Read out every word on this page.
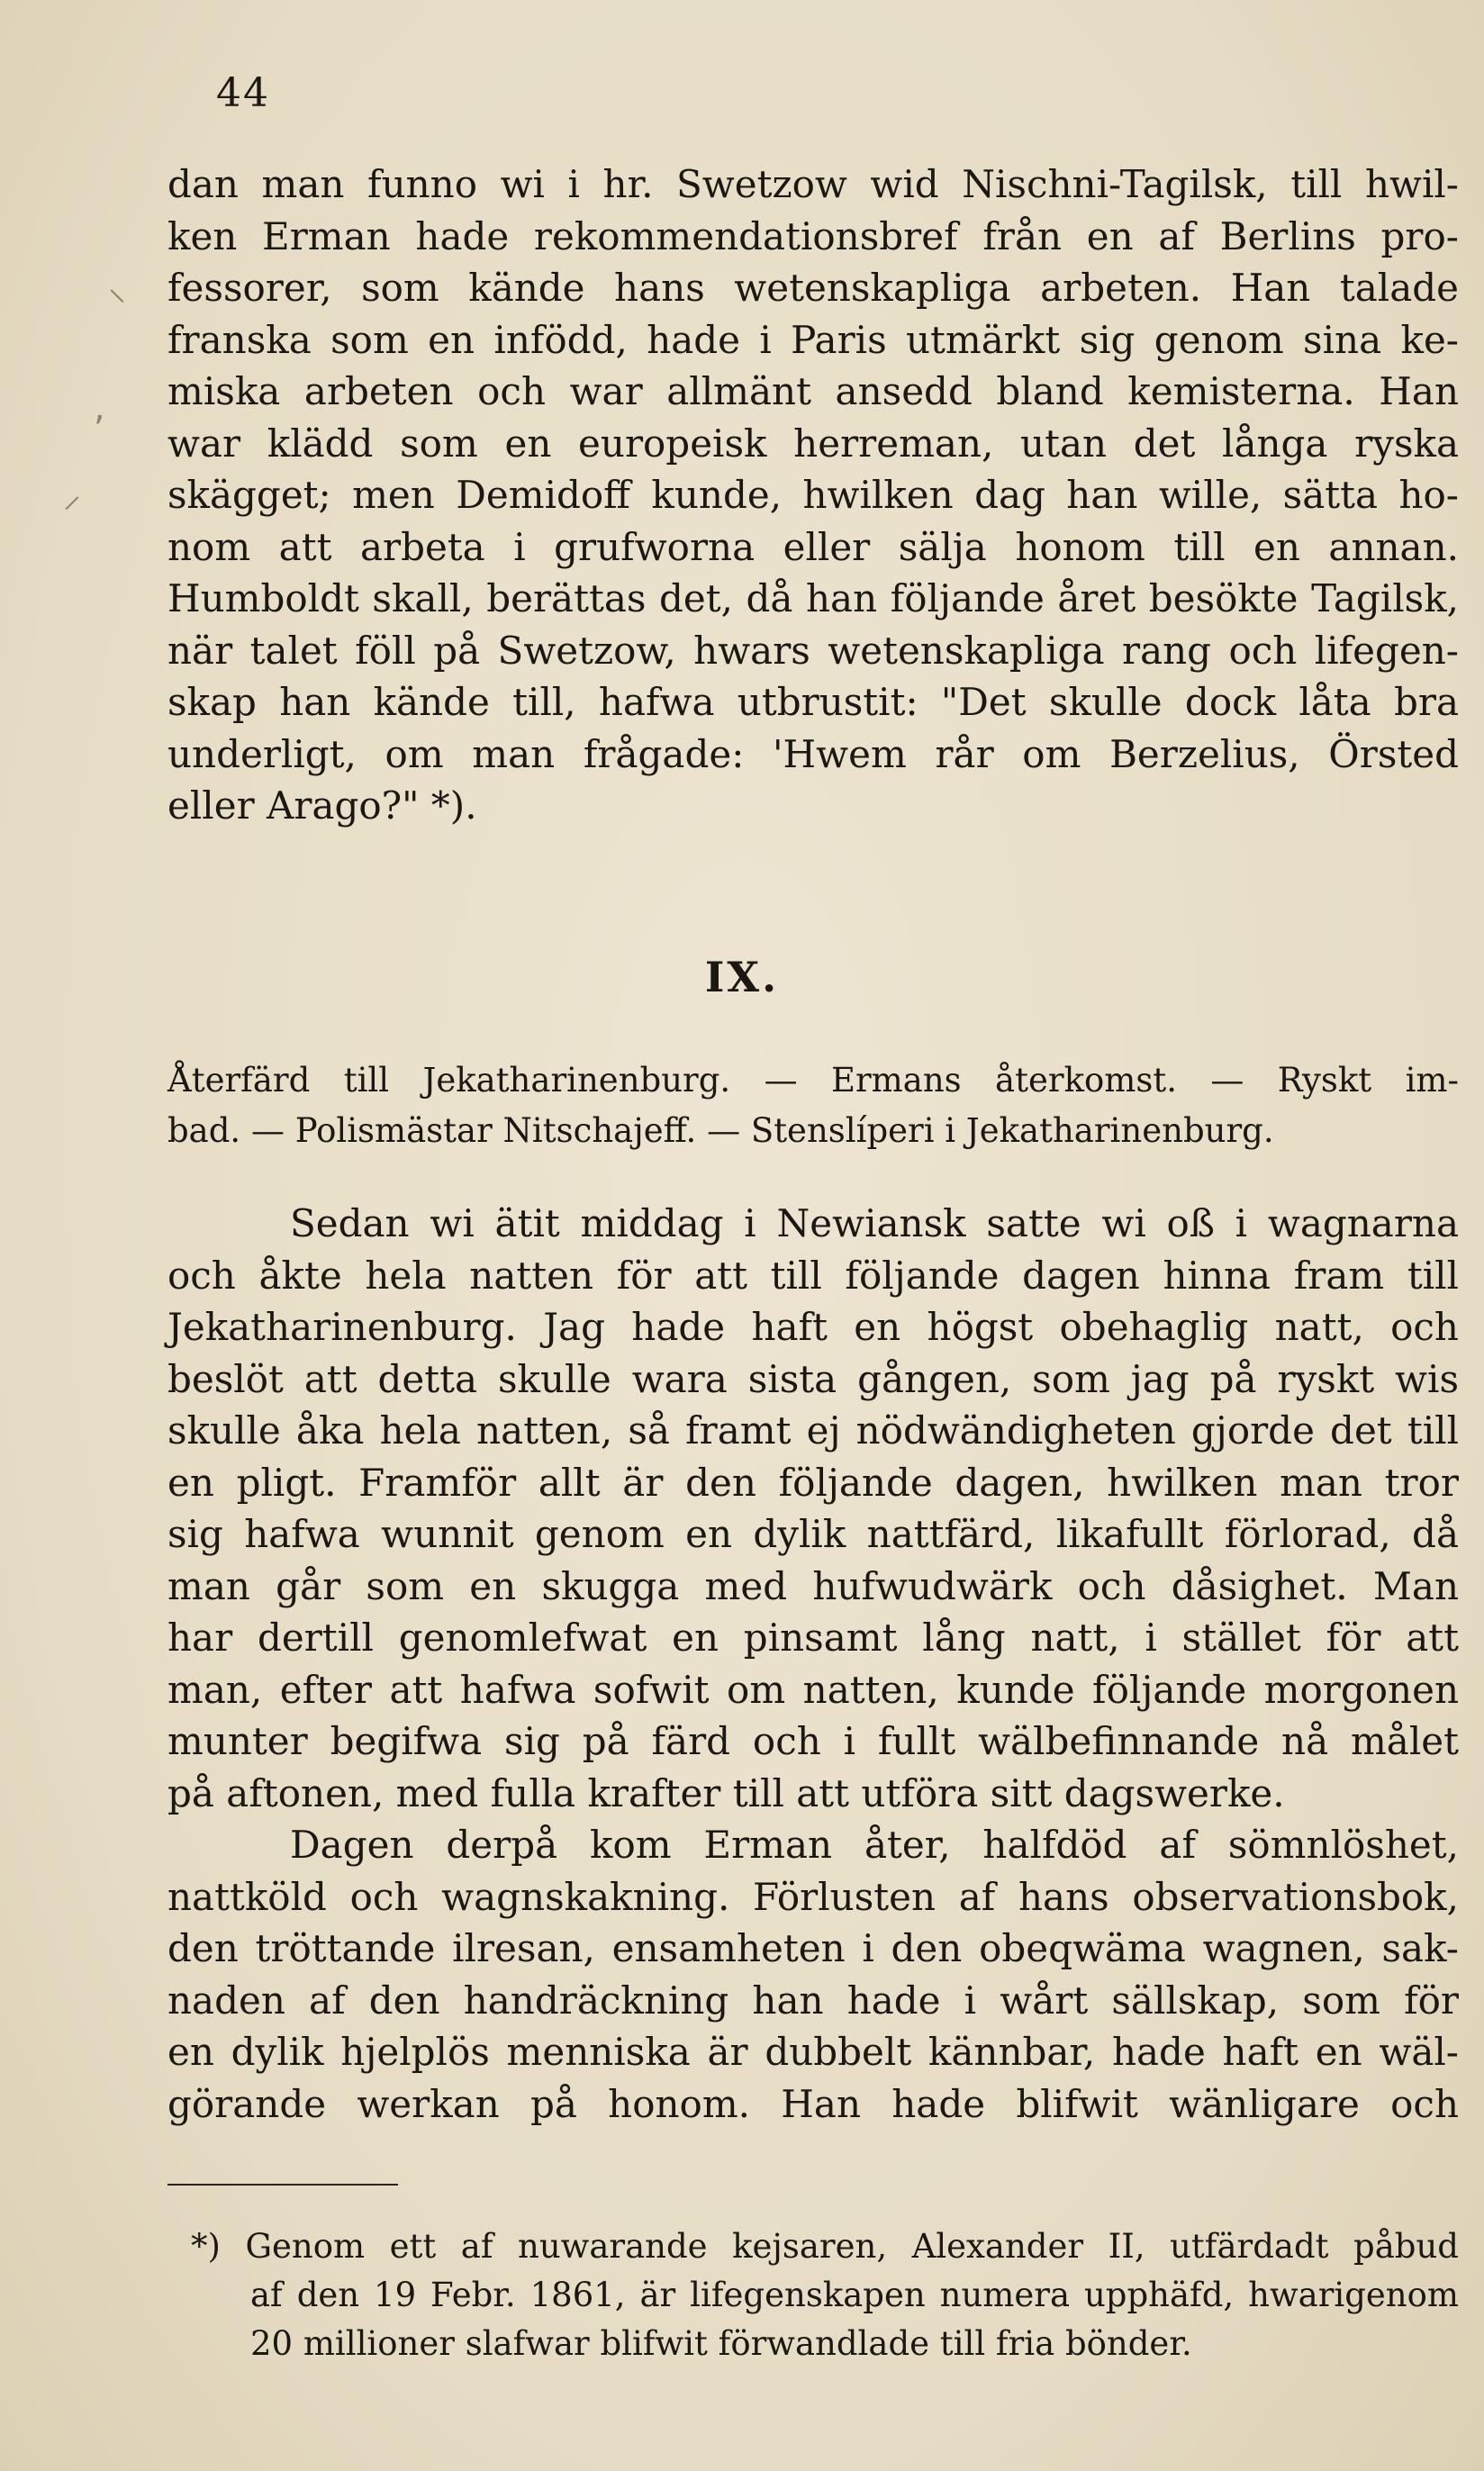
44
⸜
,
⸝
dan man funno wi i hr. Swetzow wid Nischni-Tagilsk, till hwil-
ken Erman hade rekommendationsbref från en af Berlins pro-
fessorer, som kände hans wetenskapliga arbeten. Han talade
franska som en infödd, hade i Paris utmärkt sig genom sina ke-
miska arbeten och war allmänt ansedd bland kemisterna. Han
war klädd som en europeisk herreman, utan det långa ryska
skägget; men Demidoff kunde, hwilken dag han wille, sätta ho-
nom att arbeta i grufworna eller sälja honom till en annan.
Humboldt skall, berättas det, då han följande året besökte Tagilsk,
när talet föll på Swetzow, hwars wetenskapliga rang och lifegen-
skap han kände till, hafwa utbrustit: "Det skulle dock låta bra
underligt, om man frågade: 'Hwem rår om Berzelius, Örsted
eller Arago?" *).
IX.
Återfärd till Jekatharinenburg. — Ermans återkomst. — Ryskt im-
bad. — Polismästar Nitschajeff. — Stenslíperi i Jekatharinenburg.
Sedan wi ätit middag i Newiansk satte wi oß i wagnarna
och åkte hela natten för att till följande dagen hinna fram till
Jekatharinenburg. Jag hade haft en högst obehaglig natt, och
beslöt att detta skulle wara sista gången, som jag på ryskt wis
skulle åka hela natten, så framt ej nödwändigheten gjorde det till
en pligt. Framför allt är den följande dagen, hwilken man tror
sig hafwa wunnit genom en dylik nattfärd, likafullt förlorad, då
man går som en skugga med hufwudwärk och dåsighet. Man
har dertill genomlefwat en pinsamt lång natt, i stället för att
man, efter att hafwa sofwit om natten, kunde följande morgonen
munter begifwa sig på färd och i fullt wälbefinnande nå målet
på aftonen, med fulla krafter till att utföra sitt dagswerke.
Dagen derpå kom Erman åter, halfdöd af sömnlöshet,
nattköld och wagnskakning. Förlusten af hans observationsbok,
den tröttande ilresan, ensamheten i den obeqwäma wagnen, sak-
naden af den handräckning han hade i wårt sällskap, som för
en dylik hjelplös menniska är dubbelt kännbar, hade haft en wäl-
görande werkan på honom. Han hade blifwit wänligare och
*) Genom ett af nuwarande kejsaren, Alexander II, utfärdadt påbud
af den 19 Febr. 1861, är lifegenskapen numera upphäfd, hwarigenom
20 millioner slafwar blifwit förwandlade till fria bönder.
